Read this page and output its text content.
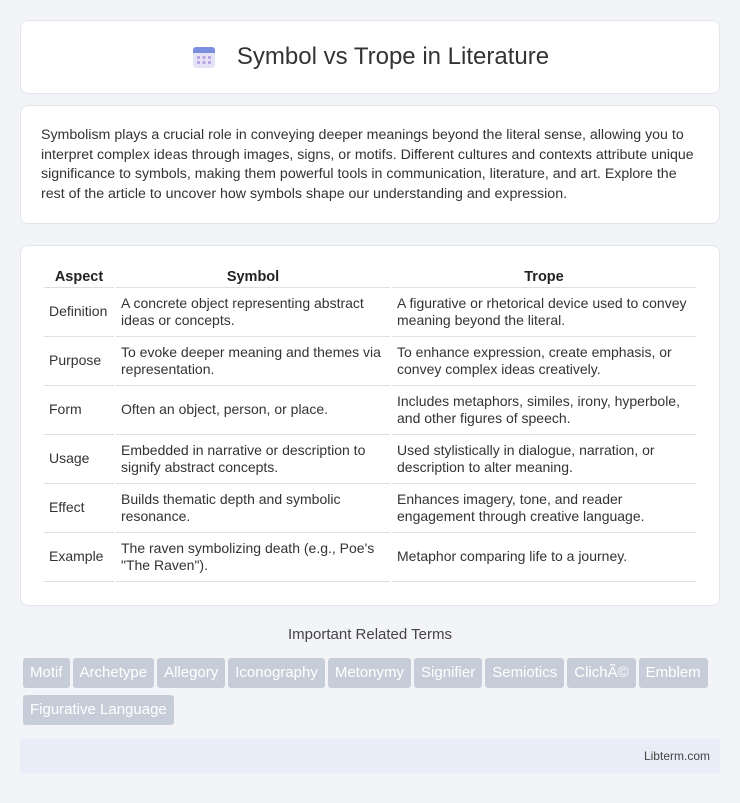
Symbol vs Trope in Literature

Symbolism plays a crucial role in conveying deeper meanings beyond the literal sense, allowing you to interpret complex ideas through images, signs, or motifs. Different cultures and contexts attribute unique significance to symbols, making them powerful tools in communication, literature, and art. Explore the rest of the article to uncover how symbols shape our understanding and expression.

Aspect	Symbol	Trope
Definition	A concrete object representing abstract ideas or concepts.	A figurative or rhetorical device used to convey meaning beyond the literal.
Purpose	To evoke deeper meaning and themes via representation.	To enhance expression, create emphasis, or convey complex ideas creatively.
Form	Often an object, person, or place.	Includes metaphors, similes, irony, hyperbole, and other figures of speech.
Usage	Embedded in narrative or description to signify abstract concepts.	Used stylistically in dialogue, narration, or description to alter meaning.
Effect	Builds thematic depth and symbolic resonance.	Enhances imagery, tone, and reader engagement through creative language.
Example	The raven symbolizing death (e.g., Poe's "The Raven").	Metaphor comparing life to a journey.
Important Related Terms
Motif Archetype Allegory Iconography Metonymy Signifier Semiotics ClichÃ© EmblemFigurative Language
Libterm.com
